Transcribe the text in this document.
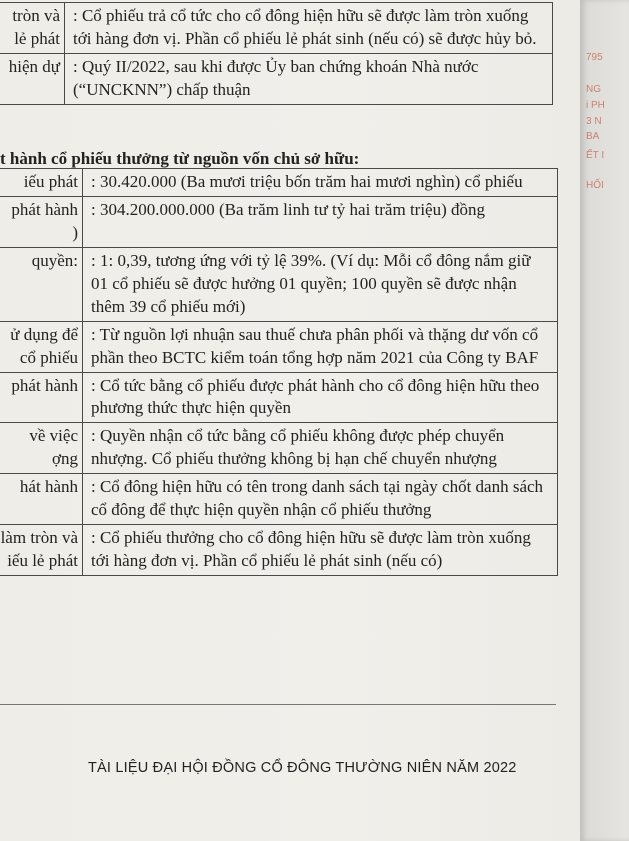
tròn và
lẻ phát	: Cổ phiếu trả cổ tức cho cổ đông hiện hữu sẽ được làm tròn xuống tới hàng đơn vị. Phần cổ phiếu lẻ phát sinh (nếu có) sẽ được hủy bỏ.

hiện dự	: Quý II/2022, sau khi được Ủy ban chứng khoán Nhà nước (“UNCKNN”) chấp thuận
t hành cổ phiếu thưởng từ nguồn vốn chủ sở hữu:
iếu phát	: 30.420.000 (Ba mươi triệu bốn trăm hai mươi nghìn) cổ phiếu

phát hành
)	: 304.200.000.000 (Ba trăm linh tư tỷ hai trăm triệu) đồng

quyền:	: 1: 0,39, tương ứng với tỷ lệ 39%. (Ví dụ: Mỗi cổ đông nắm giữ 01 cổ phiếu sẽ được hưởng 01 quyền; 100 quyền sẽ được nhận thêm 39 cổ phiếu mới)

ử dụng để
cổ phiếu	: Từ nguồn lợi nhuận sau thuế chưa phân phối và thặng dư vốn cổ phần theo BCTC kiểm toán tổng hợp năm 2021 của Công ty BAF

phát hành	: Cổ tức bằng cổ phiếu được phát hành cho cổ đông hiện hữu theo phương thức thực hiện quyền

về việc
ợng	: Quyền nhận cổ tức bằng cổ phiếu không được phép chuyển nhượng. Cổ phiếu thưởng không bị hạn chế chuyển nhượng

hát hành	: Cổ đông hiện hữu có tên trong danh sách tại ngày chốt danh sách cổ đông để thực hiện quyền nhận cổ phiếu thưởng

làm tròn và
iếu lẻ phát	: Cổ phiếu thưởng cho cổ đông hiện hữu sẽ được làm tròn xuống tới hàng đơn vị. Phần cổ phiếu lẻ phát sinh (nếu có)
TÀI LIỆU ĐẠI HỘI ĐỒNG CỔ ĐÔNG THƯỜNG NIÊN NĂM 2022
795
NG
i PH
3 N
BA
ẾT I
HỐI
